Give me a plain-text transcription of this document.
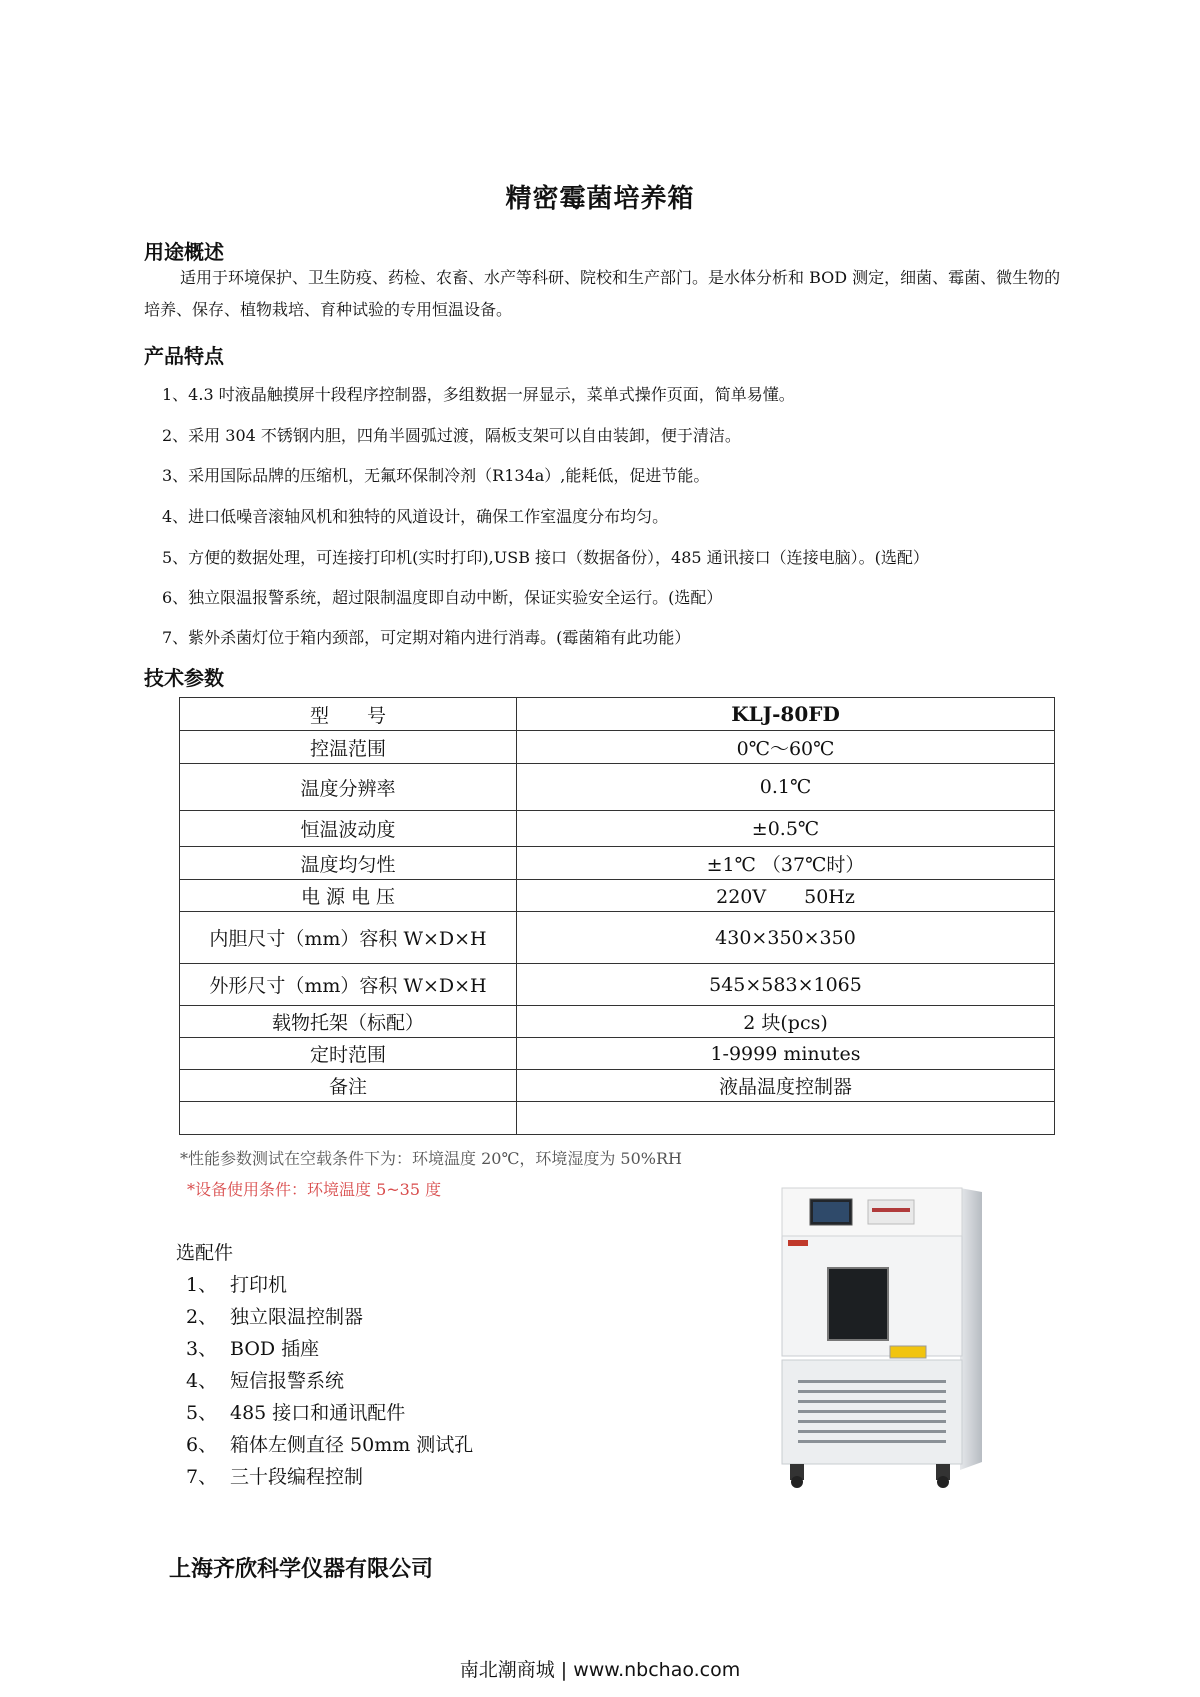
精密霉菌培养箱
用途概述
适用于环境保护、卫生防疫、药检、农畜、水产等科研、院校和生产部门。是水体分析和 BOD 测定，细菌、霉菌、微生物的培养、保存、植物栽培、育种试验的专用恒温设备。
产品特点
1、4.3 吋液晶触摸屏十段程序控制器，多组数据一屏显示，菜单式操作页面，简单易懂。
2、采用 304 不锈钢内胆，四角半圆弧过渡，隔板支架可以自由装卸，便于清洁。
3、采用国际品牌的压缩机，无氟环保制冷剂（R134a）,能耗低，促进节能。
4、进口低噪音滚轴风机和独特的风道设计，确保工作室温度分布均匀。
5、方便的数据处理，可连接打印机(实时打印),USB 接口（数据备份），485 通讯接口（连接电脑）。(选配）
6、独立限温报警系统，超过限制温度即自动中断，保证实验安全运行。(选配）
7、紫外杀菌灯位于箱内颈部，可定期对箱内进行消毒。(霉菌箱有此功能）
技术参数
型　　号	KLJ-80FD
控温范围	0℃～60℃
温度分辨率	0.1℃
恒温波动度	±0.5℃
温度均匀性	±1℃ （37℃时）
电 源 电 压	220V　　50Hz
内胆尺寸（mm）容积 W×D×H	430×350×350
外形尺寸（mm）容积 W×D×H	545×583×1065
载物托架（标配）	2 块(pcs)
定时范围	1-9999 minutes
备注	液晶温度控制器

*性能参数测试在空载条件下为：环境温度 20℃，环境湿度为 50%RH
*设备使用条件：环境温度 5~35 度
选配件
1、 打印机
2、 独立限温控制器
3、 BOD 插座
4、 短信报警系统
5、 485 接口和通讯配件
6、 箱体左侧直径 50mm 测试孔
7、 三十段编程控制
上海齐欣科学仪器有限公司
南北潮商城 | www.nbchao.com
